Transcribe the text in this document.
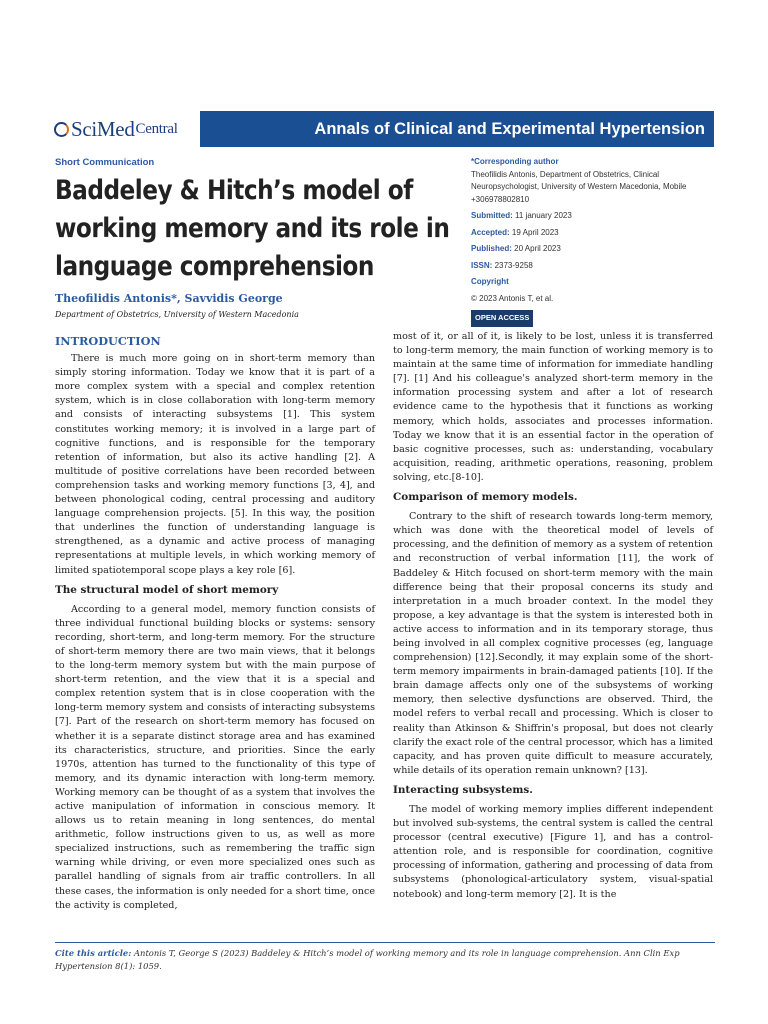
SciMed Central	Annals of Clinical and Experimental Hypertension
Short Communication
Baddeley & Hitch’s model of working memory and its role in language comprehension
Theofilidis Antonis*, Savvidis George
Department of Obstetrics, University of Western Macedonia
*Corresponding author
Theofilidis Antonis, Department of Obstetrics, Clinical Neuropsychologist, University of Western Macedonia, Mobile +306978802810
Submitted: 11 january 2023
Accepted: 19 April 2023
Published: 20 April 2023
ISSN: 2373-9258
Copyright
© 2023 Antonis T, et al.
OPEN ACCESS
INTRODUCTION

There is much more going on in short-term memory than simply storing information. Today we know that it is part of a more complex system with a special and complex retention system, which is in close collaboration with long-term memory and consists of interacting subsystems [1]. This system constitutes working memory; it is involved in a large part of cognitive functions, and is responsible for the temporary retention of information, but also its active handling [2]. A multitude of positive correlations have been recorded between comprehension tasks and working memory functions [3, 4], and between phonological coding, central processing and auditory language comprehension projects. [5]. In this way, the position that underlines the function of understanding language is strengthened, as a dynamic and active process of managing representations at multiple levels, in which working memory of limited spatiotemporal scope plays a key role [6].

The structural model of short memory

According to a general model, memory function consists of three individual functional building blocks or systems: sensory recording, short-term, and long-term memory. For the structure of short-term memory there are two main views, that it belongs to the long-term memory system but with the main purpose of short-term retention, and the view that it is a special and complex retention system that is in close cooperation with the long-term memory system and consists of interacting subsystems [7]. Part of the research on short-term memory has focused on whether it is a separate distinct storage area and has examined its characteristics, structure, and priorities. Since the early 1970s, attention has turned to the functionality of this type of memory, and its dynamic interaction with long-term memory. Working memory can be thought of as a system that involves the active manipulation of information in conscious memory. It allows us to retain meaning in long sentences, do mental arithmetic, follow instructions given to us, as well as more specialized instructions, such as remembering the traffic sign warning while driving, or even more specialized ones such as parallel handling of signals from air traffic controllers. In all these cases, the information is only needed for a short time, once the activity is completed,

most of it, or all of it, is likely to be lost, unless it is transferred to long-term memory, the main function of working memory is to maintain at the same time of information for immediate handling [7]. [1] And his colleague's analyzed short-term memory in the information processing system and after a lot of research evidence came to the hypothesis that it functions as working memory, which holds, associates and processes information. Today we know that it is an essential factor in the operation of basic cognitive processes, such as: understanding, vocabulary acquisition, reading, arithmetic operations, reasoning, problem solving, etc.[8-10].

Comparison of memory models.

Contrary to the shift of research towards long-term memory, which was done with the theoretical model of levels of processing, and the definition of memory as a system of retention and reconstruction of verbal information [11], the work of Baddeley & Hitch focused on short-term memory with the main difference being that their proposal concerns its study and interpretation in a much broader context. In the model they propose, a key advantage is that the system is interested both in active access to information and in its temporary storage, thus being involved in all complex cognitive processes (eg, language comprehension) [12].Secondly, it may explain some of the short-term memory impairments in brain-damaged patients [10]. If the brain damage affects only one of the subsystems of working memory, then selective dysfunctions are observed. Third, the model refers to verbal recall and processing. Which is closer to reality than Atkinson & Shiffrin's proposal, but does not clearly clarify the exact role of the central processor, which has a limited capacity, and has proven quite difficult to measure accurately, while details of its operation remain unknown? [13].

Interacting subsystems.

The model of working memory implies different independent but involved sub-systems, the central system is called the central processor (central executive) [Figure 1], and has a control-attention role, and is responsible for coordination, cognitive processing of information, gathering and processing of data from subsystems (phonological-articulatory system, visual-spatial notebook) and long-term memory [2]. It is the

Cite this article: Antonis T, George S (2023) Baddeley & Hitch’s model of working memory and its role in language comprehension. Ann Clin Exp Hypertension 8(1): 1059.
